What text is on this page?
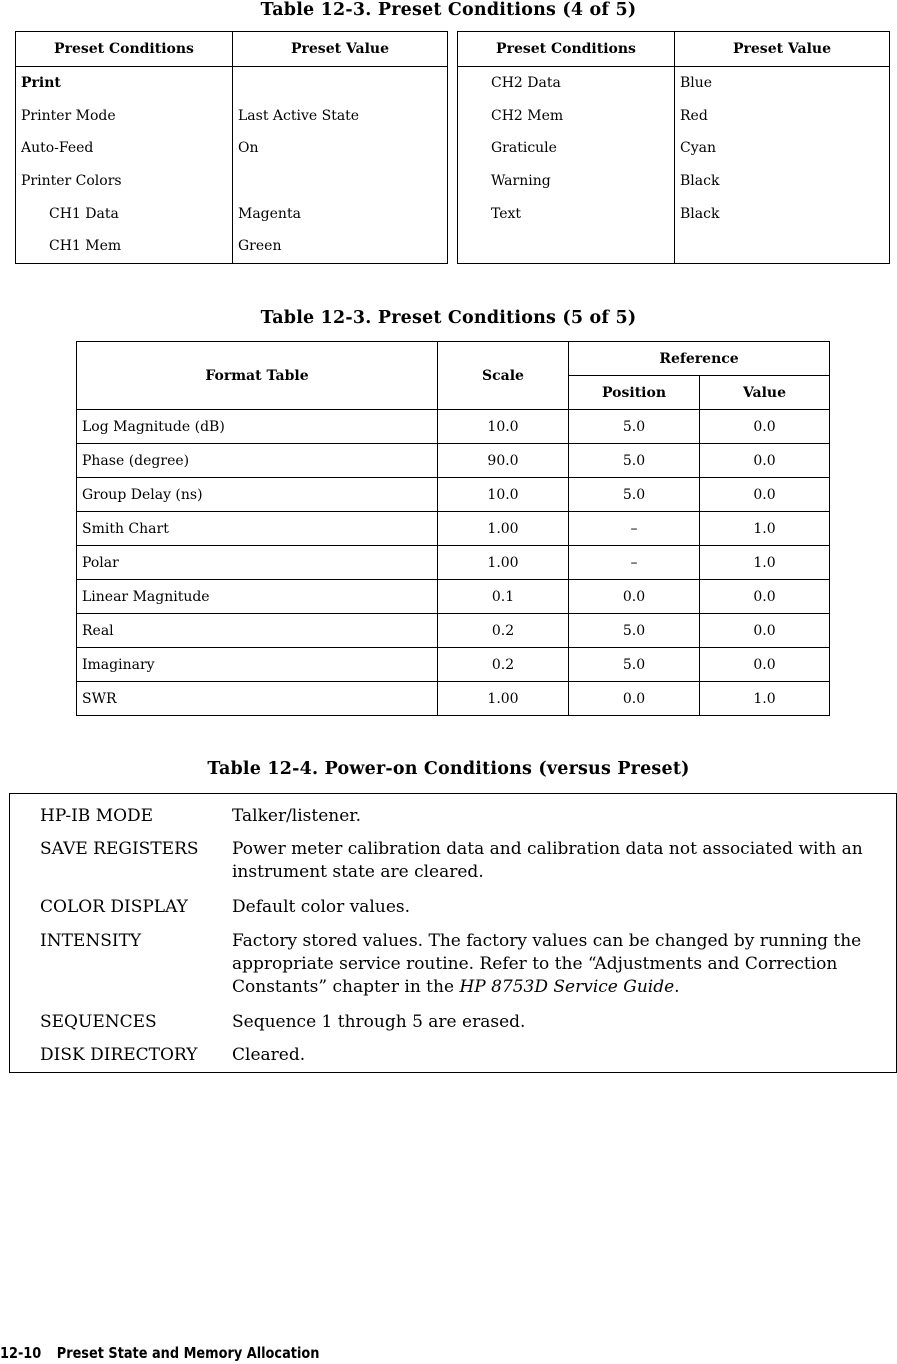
Table 12-3. Preset Conditions (4 of 5)
Preset Conditions	Preset Value
Print	
Printer Mode	Last Active State
Auto-Feed	On
Printer Colors	
CH1 Data	Magenta
CH1 Mem	Green
Preset Conditions	Preset Value
CH2 Data	Blue
CH2 Mem	Red
Graticule	Cyan
Warning	Black
Text	Black

Table 12-3. Preset Conditions (5 of 5)
Format Table	Scale	Reference	
		Position	Value
Log Magnitude (dB)	10.0	5.0	0.0
Phase (degree)	90.0	5.0	0.0
Group Delay (ns)	10.0	5.0	0.0
Smith Chart	1.00	–	1.0
Polar	1.00	–	1.0
Linear Magnitude	0.1	0.0	0.0
Real	0.2	5.0	0.0
Imaginary	0.2	5.0	0.0
SWR	1.00	0.0	1.0
Table 12-4. Power-on Conditions (versus Preset)
HP-IB MODE	Talker/listener.
SAVE REGISTERS	Power meter calibration data and calibration data not associated with an instrument state are cleared.
COLOR DISPLAY	Default color values.
INTENSITY	Factory stored values. The factory values can be changed by running the appropriate service routine. Refer to the “Adjustments and Correction Constants” chapter in the HP 8753D Service Guide.
SEQUENCES	Sequence 1 through 5 are erased.
DISK DIRECTORY	Cleared.
12-10 Preset State and Memory Allocation
